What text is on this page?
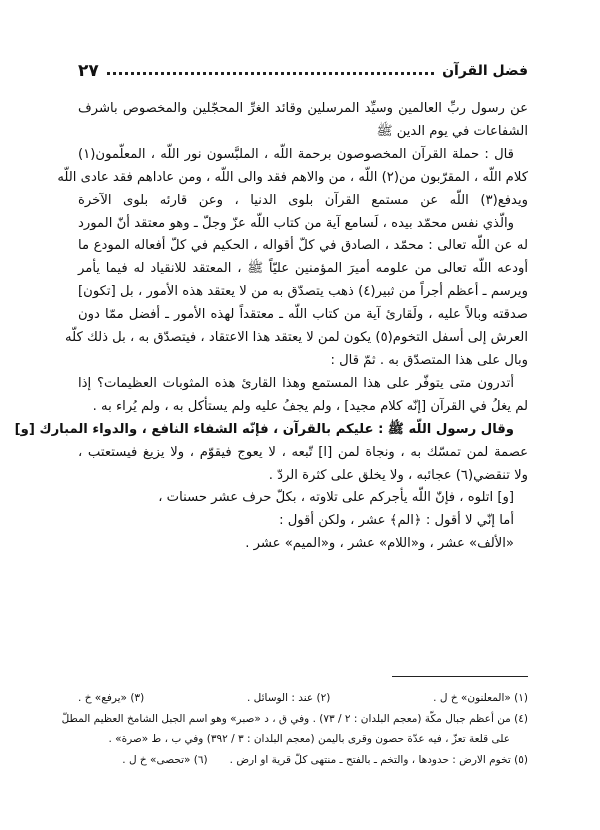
٢٧	فضل القرآن
عن رسول ربِّ العالمين وسيِّد المرسلين وقائد الغرِّ المحجّلين والمخصوص باشرف
الشفاعات في يوم الدين ﷺ
قال : حملة القرآن المخصوصون برحمة اللّه ، الملبَّسون نور اللّه ، المعلّمون(١)
كلام اللّه ، المقرّبون من(٢) اللّه ، من والاهم فقد والى اللّه ، ومن عاداهم فقد عادى اللّه
ويدفع(٣) اللّه عن مستمع القرآن بلوى الدنيا ، وعن قارئه بلوى الآخرة
والّذي نفس محمّد بيده ، لَسامع آية من كتاب اللّه عزّ وجلّ ـ وهو معتقد أنّ المورد
له عن اللّه تعالى : محمّد ، الصادق في كلّ أقواله ، الحكيم في كلّ أفعاله المودع ما
أودعه اللّه تعالى من علومه أميرَ المؤمنين عليّاً ﷺ ، المعتقد للانقياد له فيما يأمر
ويرسم ـ أعظم أجراً من ثبير(٤) ذهب يتصدّق به من لا يعتقد هذه الأمور ، بل [تكون]
صدقته وبالاً عليه ، ولَقارئ آية من كتاب اللّه ـ معتقداً لهذه الأمور ـ أفضل ممّا دون
العرش إلى أسفل التخوم(٥) يكون لمن لا يعتقد هذا الاعتقاد ، فيتصدّق به ، بل ذلك كلّه
وبال على هذا المتصدّق به . ثمّ قال :
أتدرون متى يتوفّر على هذا المستمع وهذا القارئ هذه المثوبات العظيمات؟ إذا
لم يغلُ في القرآن [إنّه كلام مجيد] ، ولم يجفُ عليه ولم يستأكل به ، ولم يُراء به .
وقال رسول اللّه ﷺ : عليكم بالقرآن ، فإنّه الشفاء النافع ، والدواء المبارك [و]
عصمة لمن تمسّك به ، ونجاة لمن [ا] تّبعه ، لا يعوج فيقوّم ، ولا يزيغ فيستعتب ،
ولا تنقضي(٦) عجائبه ، ولا يخلق على كثرة الردّ .
[و] اتلوه ، فإنّ اللّه يأجركم على تلاوته ، بكلّ حرف عشر حسنات ،
أما إنّي لا أقول : ﴿الم﴾ عشر ، ولكن أقول :
«الألف» عشر ، و«اللام» عشر ، و«الميم» عشر .
(١) «المعلنون» خ ل .
(٢) عند : الوسائل .
(٣) «يرفع» خ .
(٤) من أعظم جبال مكّة (معجم البلدان : ٢ / ٧٣) . وفي ق ، د «صبر» وهو اسم الجبل الشامخ العظيم المطلّ
على قلعة تعزّ ، فيه عدّة حصون وقرى باليمن (معجم البلدان : ٣ / ٣٩٢) وفي ب ، ط «صرة» .
(٥) تخوم الارض : حدودها ، والتخم ـ بالفتح ـ منتهى كلّ قرية او ارض .
(٦) «تحصى» خ ل .
